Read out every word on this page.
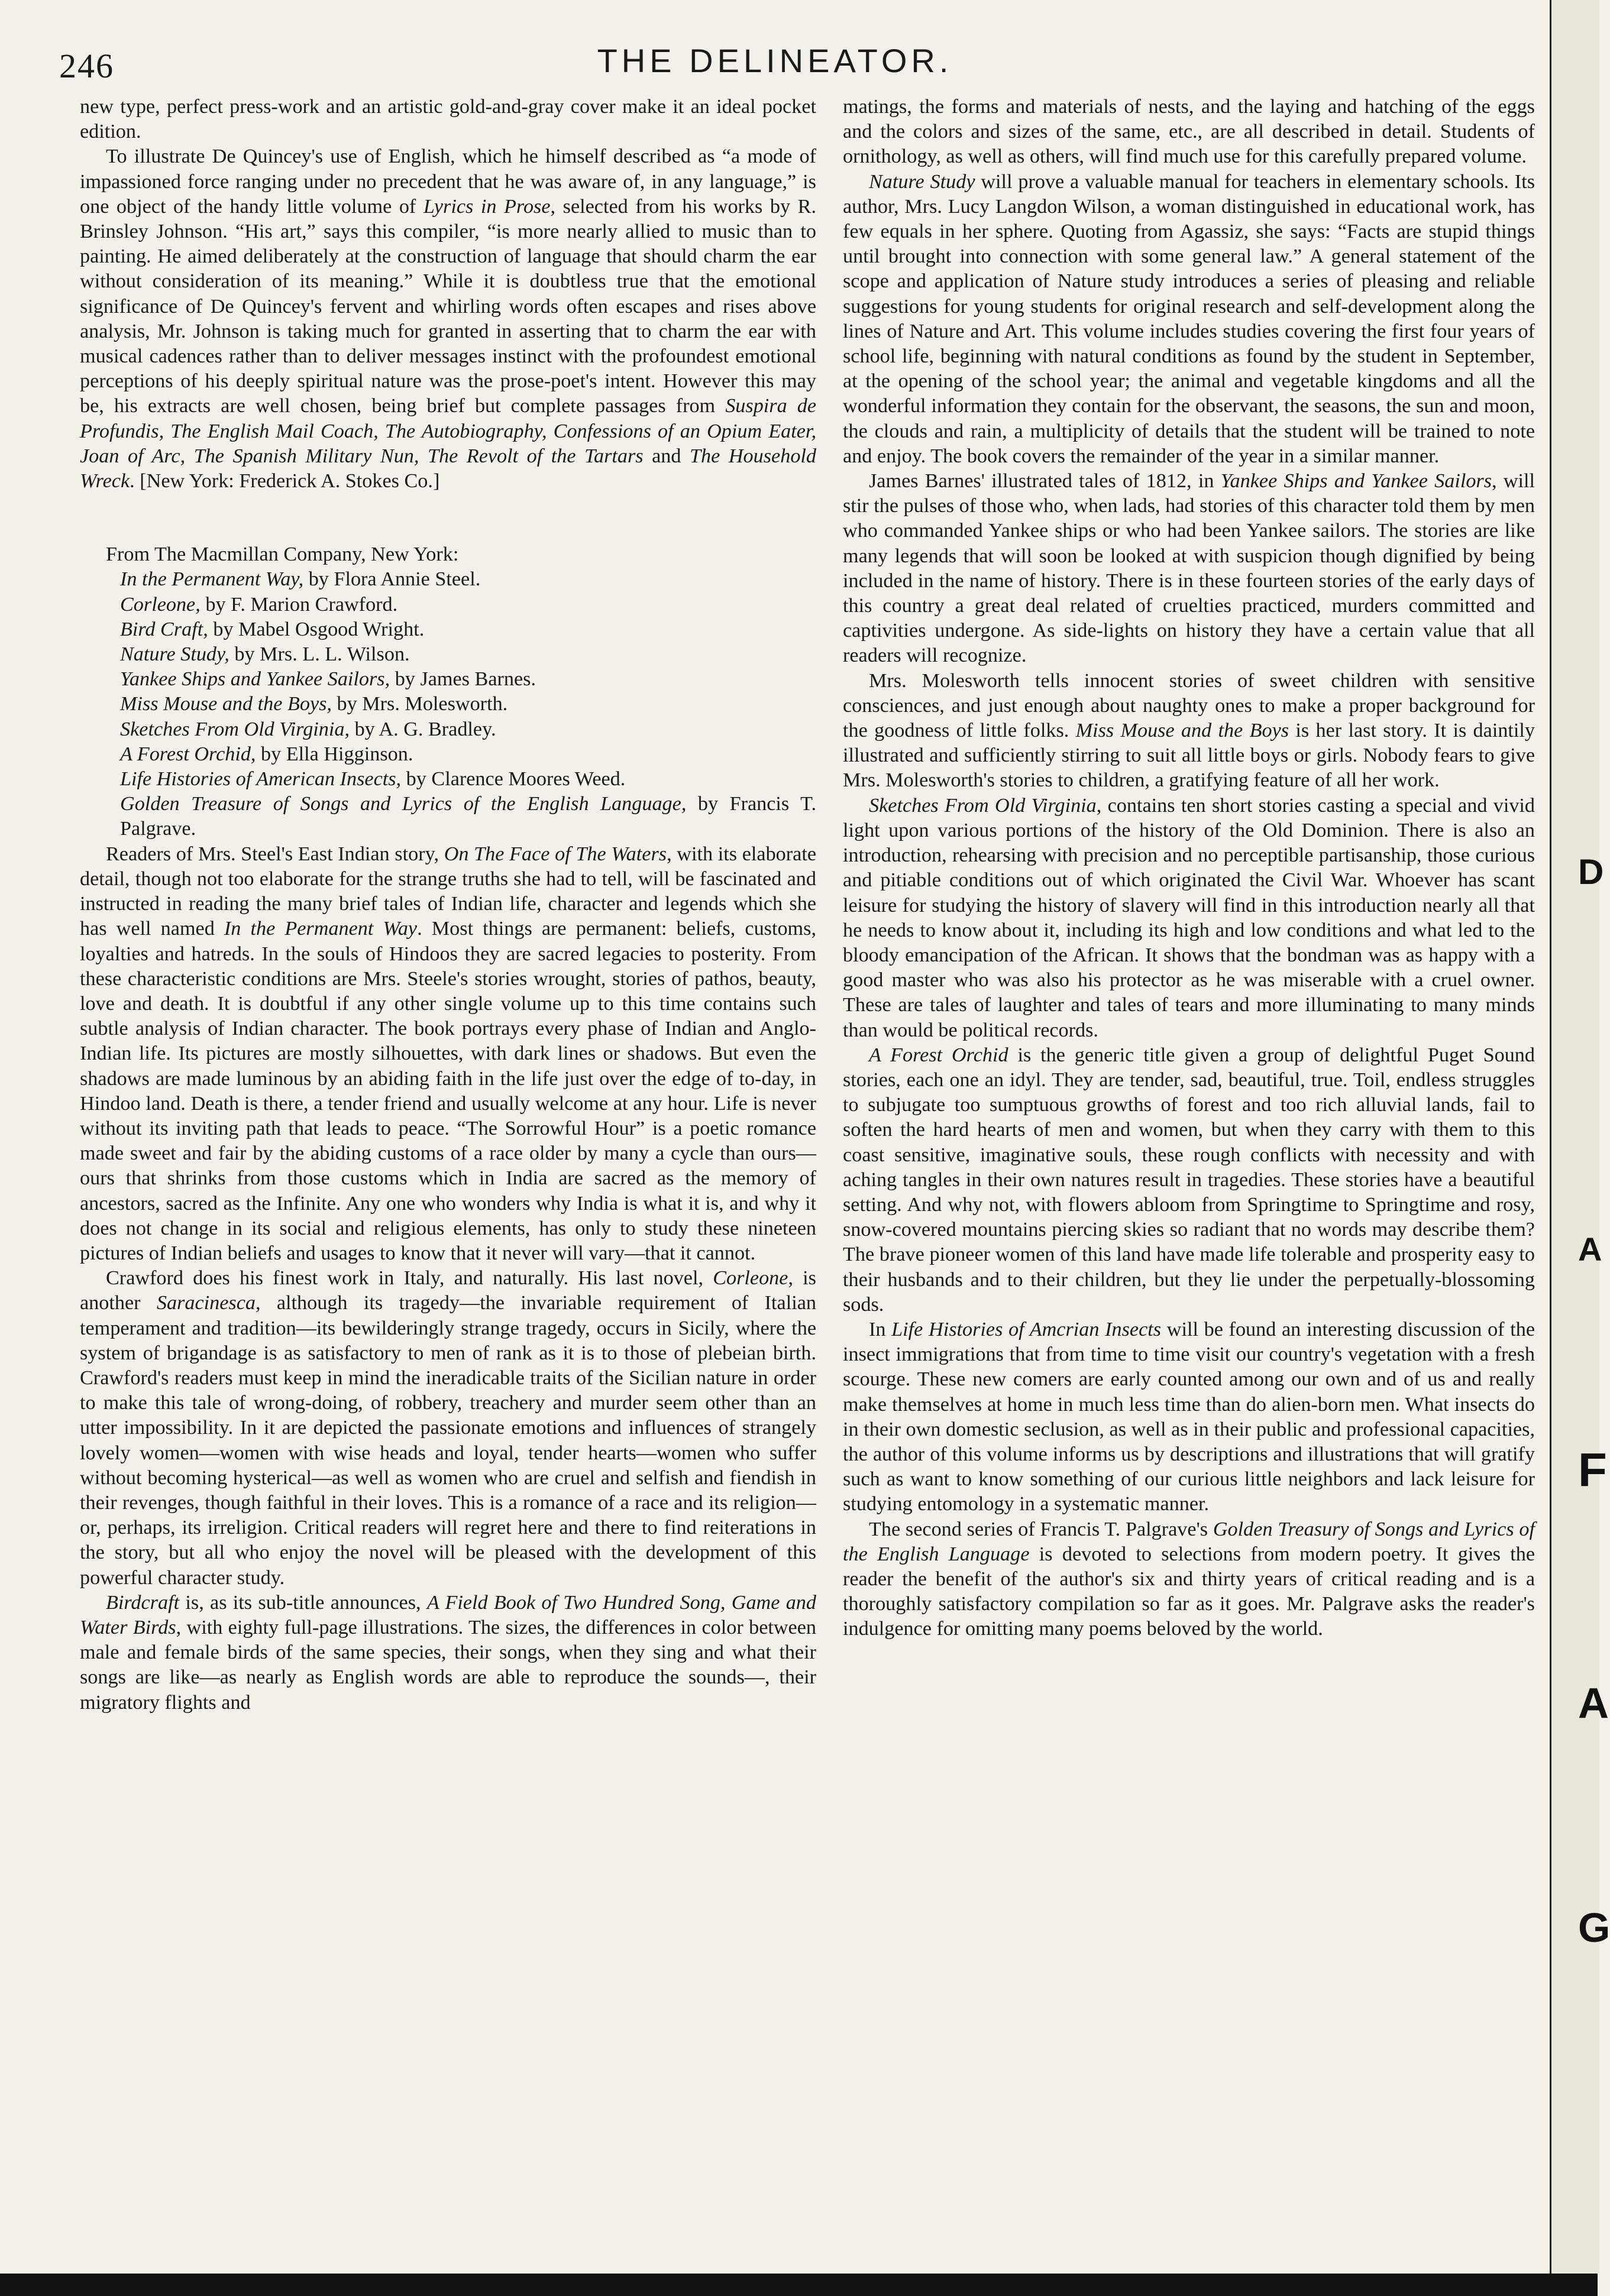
246	THE DELINEATOR.

new type, perfect press-work and an artistic gold-and-gray cover make it an ideal pocket edition.

To illustrate De Quincey's use of English, which he himself described as “a mode of impassioned force ranging under no precedent that he was aware of, in any language,” is one object of the handy little volume of Lyrics in Prose, selected from his works by R. Brinsley Johnson. “His art,” says this compiler, “is more nearly allied to music than to painting. He aimed deliberately at the construction of language that should charm the ear without consideration of its meaning.” While it is doubtless true that the emotional significance of De Quincey's fervent and whirling words often escapes and rises above analysis, Mr. Johnson is taking much for granted in asserting that to charm the ear with musical cadences rather than to deliver messages instinct with the profoundest emotional perceptions of his deeply spiritual nature was the prose-poet's intent. However this may be, his extracts are well chosen, being brief but complete passages from Suspira de Profundis, The English Mail Coach, The Autobiography, Confessions of an Opium Eater, Joan of Arc, The Spanish Military Nun, The Revolt of the Tartars and The Household Wreck. [New York: Frederick A. Stokes Co.]

From The Macmillan Company, New York:

In the Permanent Way, by Flora Annie Steel.
Corleone, by F. Marion Crawford.
Bird Craft, by Mabel Osgood Wright.
Nature Study, by Mrs. L. L. Wilson.
Yankee Ships and Yankee Sailors, by James Barnes.
Miss Mouse and the Boys, by Mrs. Molesworth.
Sketches From Old Virginia, by A. G. Bradley.
A Forest Orchid, by Ella Higginson.
Life Histories of American Insects, by Clarence Moores Weed.
Golden Treasure of Songs and Lyrics of the English Language, by Francis T. Palgrave.

Readers of Mrs. Steel's East Indian story, On The Face of The Waters, with its elaborate detail, though not too elaborate for the strange truths she had to tell, will be fascinated and instructed in reading the many brief tales of Indian life, character and legends which she has well named In the Permanent Way. Most things are permanent: beliefs, customs, loyalties and hatreds. In the souls of Hindoos they are sacred legacies to posterity. From these characteristic conditions are Mrs. Steele's stories wrought, stories of pathos, beauty, love and death. It is doubtful if any other single volume up to this time contains such subtle analysis of Indian character. The book portrays every phase of Indian and Anglo-Indian life. Its pictures are mostly silhouettes, with dark lines or shadows. But even the shadows are made luminous by an abiding faith in the life just over the edge of to-day, in Hindoo land. Death is there, a tender friend and usually welcome at any hour. Life is never without its inviting path that leads to peace. “The Sorrowful Hour” is a poetic romance made sweet and fair by the abiding customs of a race older by many a cycle than ours—ours that shrinks from those customs which in India are sacred as the memory of ancestors, sacred as the Infinite. Any one who wonders why India is what it is, and why it does not change in its social and religious elements, has only to study these nineteen pictures of Indian beliefs and usages to know that it never will vary—that it cannot.

Crawford does his finest work in Italy, and naturally. His last novel, Corleone, is another Saracinesca, although its tragedy—the invariable requirement of Italian temperament and tradition—its bewilderingly strange tragedy, occurs in Sicily, where the system of brigandage is as satisfactory to men of rank as it is to those of plebeian birth. Crawford's readers must keep in mind the ineradicable traits of the Sicilian nature in order to make this tale of wrong-doing, of robbery, treachery and murder seem other than an utter impossibility. In it are depicted the passionate emotions and influences of strangely lovely women—women with wise heads and loyal, tender hearts—women who suffer without becoming hysterical—as well as women who are cruel and selfish and fiendish in their revenges, though faithful in their loves. This is a romance of a race and its religion—or, perhaps, its irreligion. Critical readers will regret here and there to find reiterations in the story, but all who enjoy the novel will be pleased with the development of this powerful character study.

Birdcraft is, as its sub-title announces, A Field Book of Two Hundred Song, Game and Water Birds, with eighty full-page illustrations. The sizes, the differences in color between male and female birds of the same species, their songs, when they sing and what their songs are like—as nearly as English words are able to reproduce the sounds—, their migratory flights and

matings, the forms and materials of nests, and the laying and hatching of the eggs and the colors and sizes of the same, etc., are all described in detail. Students of ornithology, as well as others, will find much use for this carefully prepared volume.

Nature Study will prove a valuable manual for teachers in elementary schools. Its author, Mrs. Lucy Langdon Wilson, a woman distinguished in educational work, has few equals in her sphere. Quoting from Agassiz, she says: “Facts are stupid things until brought into connection with some general law.” A general statement of the scope and application of Nature study introduces a series of pleasing and reliable suggestions for young students for original research and self-development along the lines of Nature and Art. This volume includes studies covering the first four years of school life, beginning with natural conditions as found by the student in September, at the opening of the school year; the animal and vegetable kingdoms and all the wonderful information they contain for the observant, the seasons, the sun and moon, the clouds and rain, a multiplicity of details that the student will be trained to note and enjoy. The book covers the remainder of the year in a similar manner.

James Barnes' illustrated tales of 1812, in Yankee Ships and Yankee Sailors, will stir the pulses of those who, when lads, had stories of this character told them by men who commanded Yankee ships or who had been Yankee sailors. The stories are like many legends that will soon be looked at with suspicion though dignified by being included in the name of history. There is in these fourteen stories of the early days of this country a great deal related of cruelties practiced, murders committed and captivities undergone. As side-lights on history they have a certain value that all readers will recognize.

Mrs. Molesworth tells innocent stories of sweet children with sensitive consciences, and just enough about naughty ones to make a proper background for the goodness of little folks. Miss Mouse and the Boys is her last story. It is daintily illustrated and sufficiently stirring to suit all little boys or girls. Nobody fears to give Mrs. Molesworth's stories to children, a gratifying feature of all her work.

Sketches From Old Virginia, contains ten short stories casting a special and vivid light upon various portions of the history of the Old Dominion. There is also an introduction, rehearsing with precision and no perceptible partisanship, those curious and pitiable conditions out of which originated the Civil War. Whoever has scant leisure for studying the history of slavery will find in this introduction nearly all that he needs to know about it, including its high and low conditions and what led to the bloody emancipation of the African. It shows that the bondman was as happy with a good master who was also his protector as he was miserable with a cruel owner. These are tales of laughter and tales of tears and more illuminating to many minds than would be political records.

A Forest Orchid is the generic title given a group of delightful Puget Sound stories, each one an idyl. They are tender, sad, beautiful, true. Toil, endless struggles to subjugate too sumptuous growths of forest and too rich alluvial lands, fail to soften the hard hearts of men and women, but when they carry with them to this coast sensitive, imaginative souls, these rough conflicts with necessity and with aching tangles in their own natures result in tragedies. These stories have a beautiful setting. And why not, with flowers abloom from Springtime to Springtime and rosy, snow-covered mountains piercing skies so radiant that no words may describe them? The brave pioneer women of this land have made life tolerable and prosperity easy to their husbands and to their children, but they lie under the perpetually-blossoming sods.

In Life Histories of Amcrian Insects will be found an interesting discussion of the insect immigrations that from time to time visit our country's vegetation with a fresh scourge. These new comers are early counted among our own and of us and really make themselves at home in much less time than do alien-born men. What insects do in their own domestic seclusion, as well as in their public and professional capacities, the author of this volume informs us by descriptions and illustrations that will gratify such as want to know something of our curious little neighbors and lack leisure for studying entomology in a systematic manner.

The second series of Francis T. Palgrave's Golden Treasury of Songs and Lyrics of the English Language is devoted to selections from modern poetry. It gives the reader the benefit of the author's six and thirty years of critical reading and is a thoroughly satisfactory compilation so far as it goes. Mr. Palgrave asks the reader's indulgence for omitting many poems beloved by the world.

D
A
F
A
G
